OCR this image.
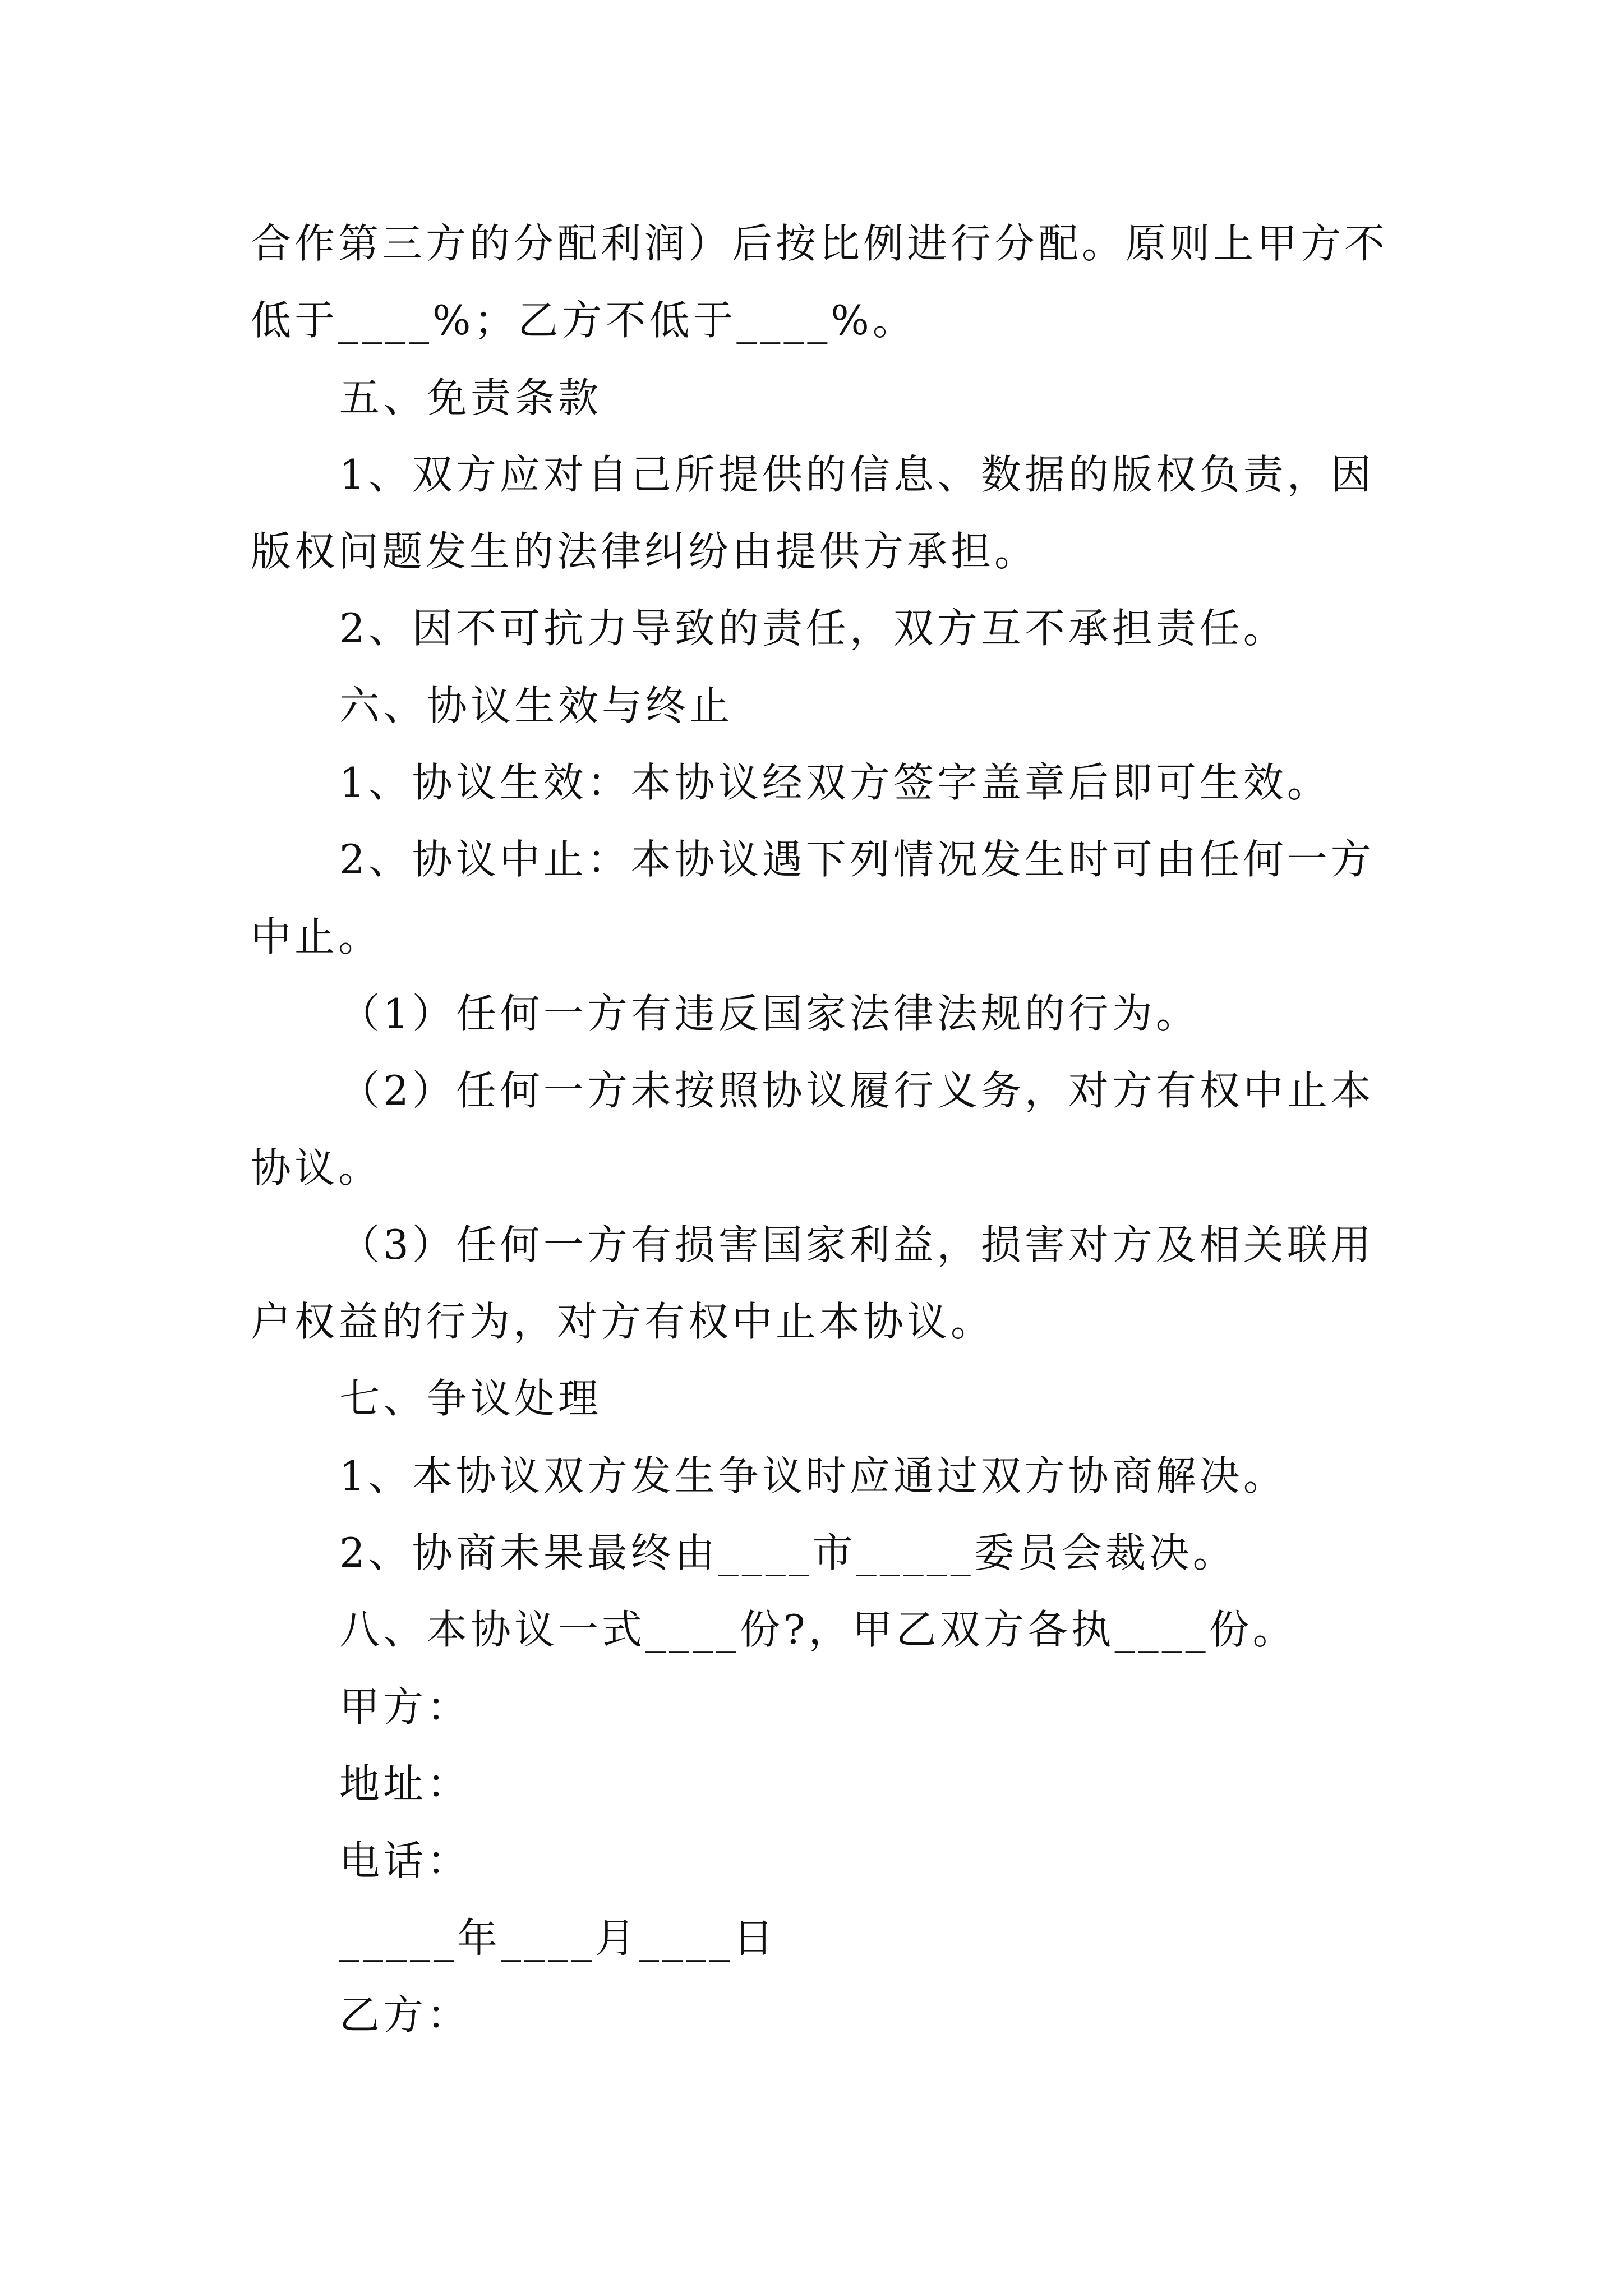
合作第三方的分配利润）后按比例进行分配。原则上甲方不
低于____%；乙方不低于____%。
五、免责条款
1、双方应对自己所提供的信息、数据的版权负责，因
版权问题发生的法律纠纷由提供方承担。
2、因不可抗力导致的责任，双方互不承担责任。
六、协议生效与终止
1、协议生效：本协议经双方签字盖章后即可生效。
2、协议中止：本协议遇下列情况发生时可由任何一方
中止。
（1）任何一方有违反国家法律法规的行为。
（2）任何一方未按照协议履行义务，对方有权中止本
协议。
（3）任何一方有损害国家利益，损害对方及相关联用
户权益的行为，对方有权中止本协议。
七、争议处理
1、本协议双方发生争议时应通过双方协商解决。
2、协商未果最终由____市_____委员会裁决。
八、本协议一式____份?，甲乙双方各执____份。
甲方：
地址：
电话：
_____年____月____日
乙方：
